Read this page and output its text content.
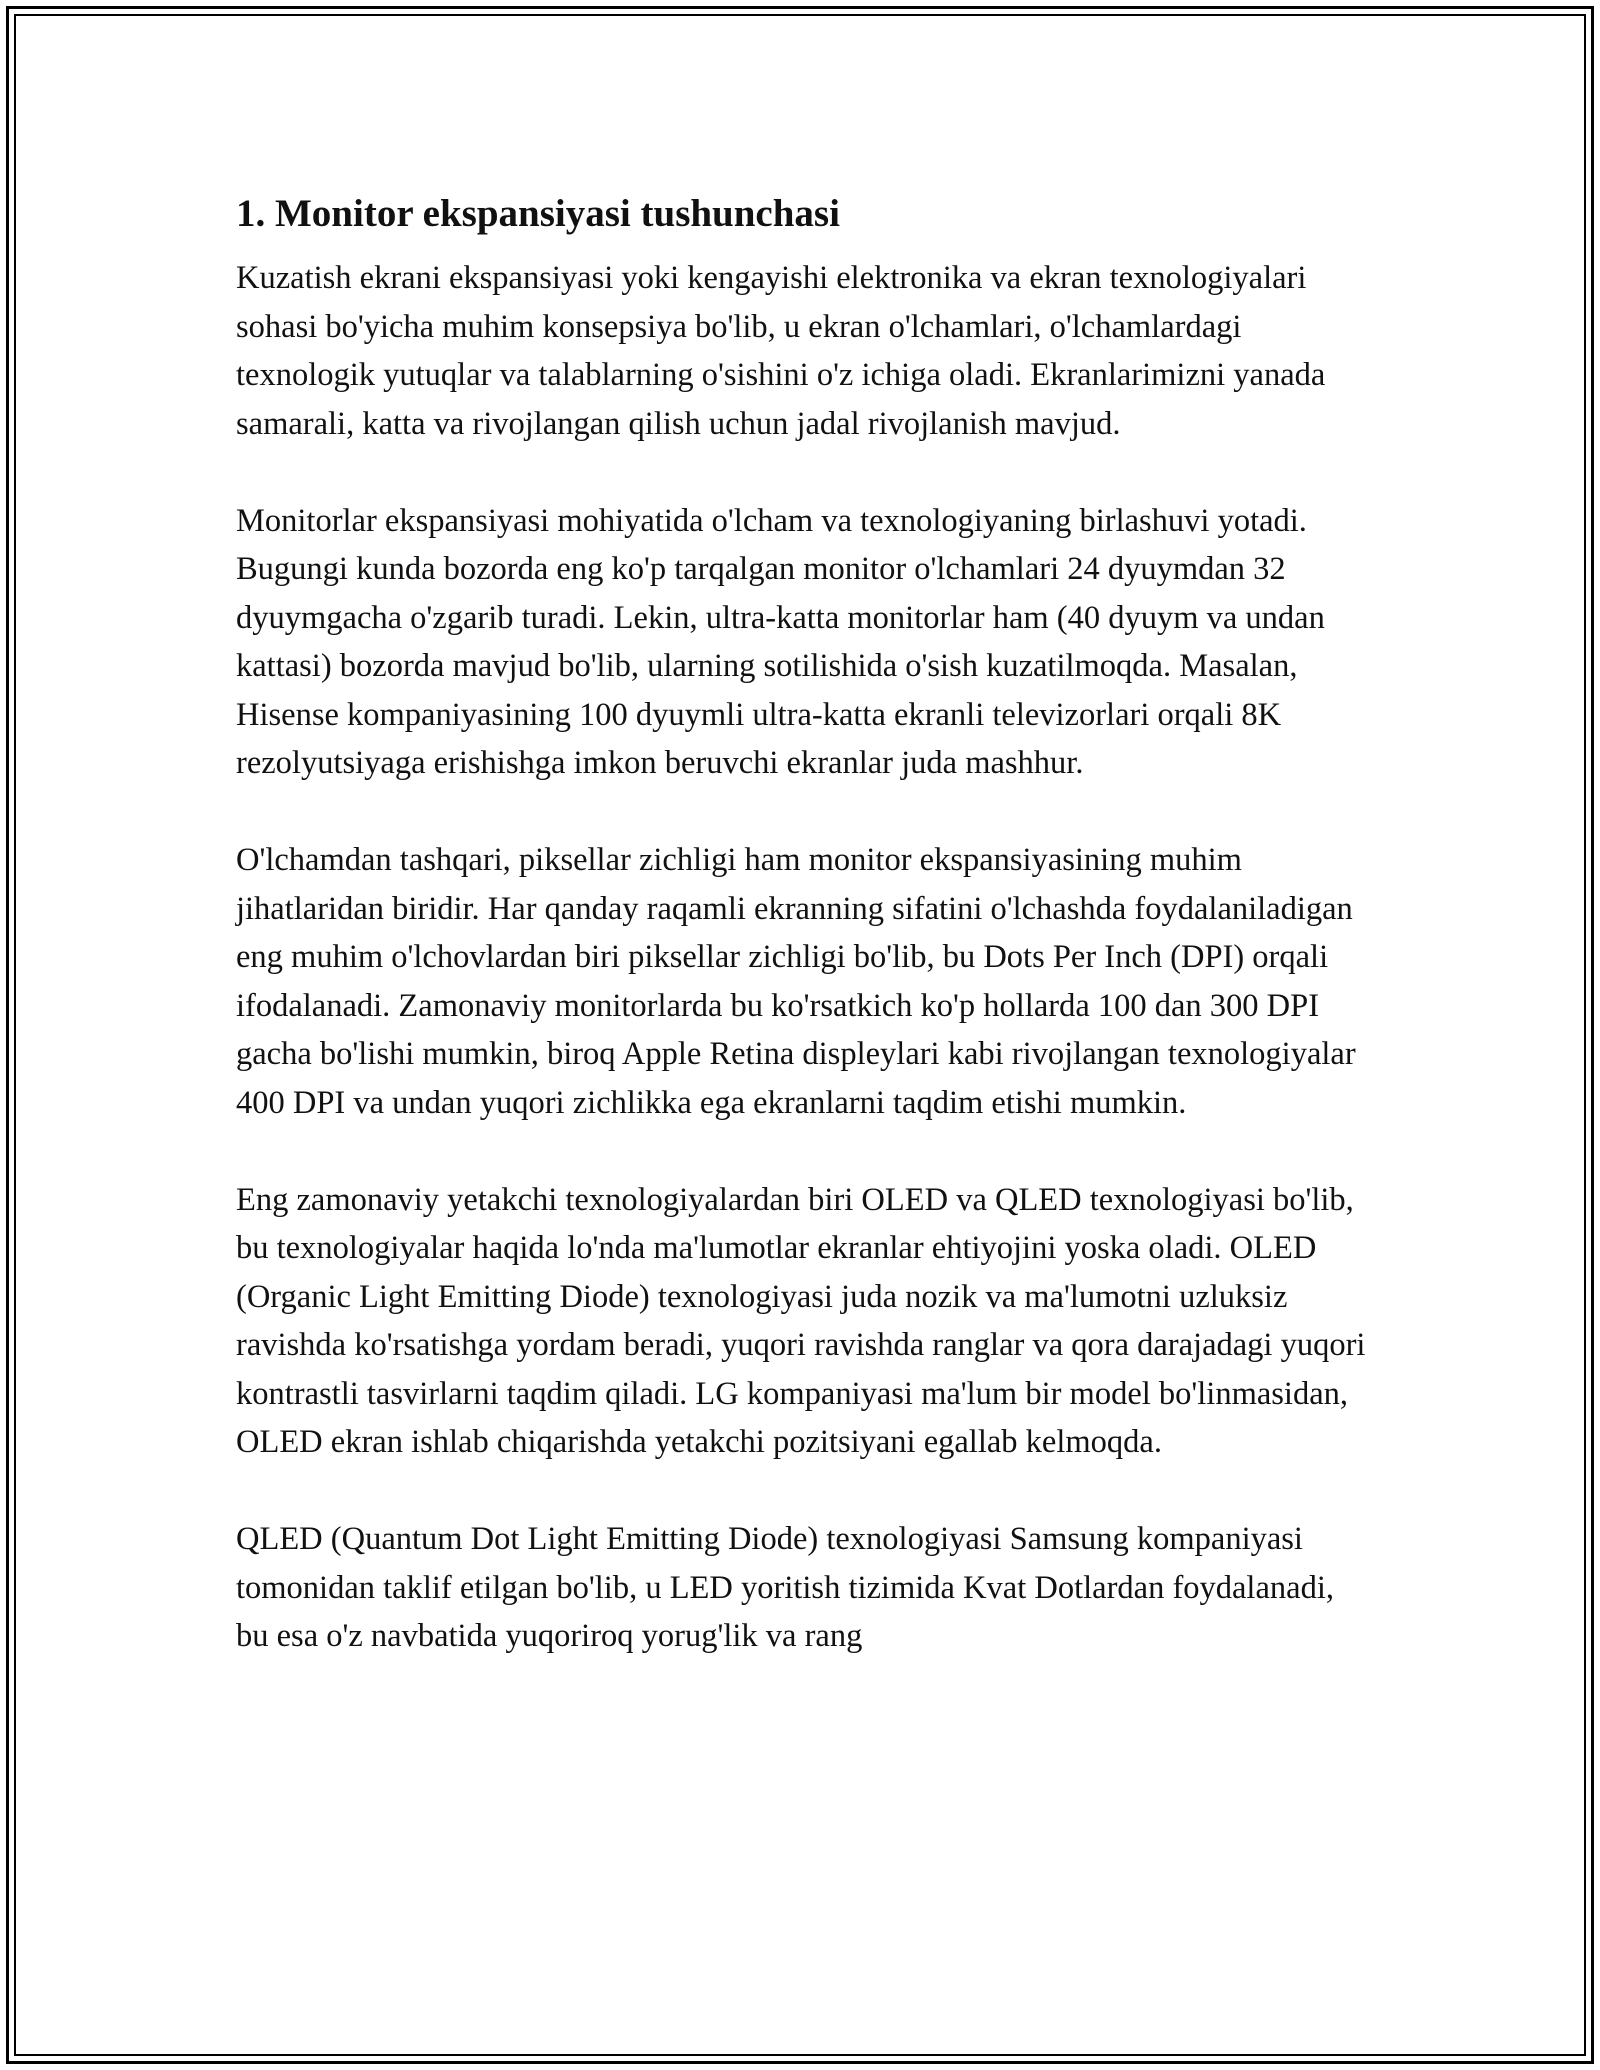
1. Monitor ekspansiyasi tushunchasi

Kuzatish ekrani ekspansiyasi yoki kengayishi elektronika va ekran texnologiyalari sohasi bo'yicha muhim konsepsiya bo'lib, u ekran o'lchamlari, o'lchamlardagi texnologik yutuqlar va talablarning o'sishini o'z ichiga oladi. Ekranlarimizni yanada samarali, katta va rivojlangan qilish uchun jadal rivojlanish mavjud.

Monitorlar ekspansiyasi mohiyatida o'lcham va texnologiyaning birlashuvi yotadi. Bugungi kunda bozorda eng ko'p tarqalgan monitor o'lchamlari 24 dyuymdan 32 dyuymgacha o'zgarib turadi. Lekin, ultra-katta monitorlar ham (40 dyuym va undan kattasi) bozorda mavjud bo'lib, ularning sotilishida o'sish kuzatilmoqda. Masalan, Hisense kompaniyasining 100 dyuymli ultra-katta ekranli televizorlari orqali 8K rezolyutsiyaga erishishga imkon beruvchi ekranlar juda mashhur.

O'lchamdan tashqari, piksellar zichligi ham monitor ekspansiyasining muhim jihatlaridan biridir. Har qanday raqamli ekranning sifatini o'lchashda foydalaniladigan eng muhim o'lchovlardan biri piksellar zichligi bo'lib, bu Dots Per Inch (DPI) orqali ifodalanadi. Zamonaviy monitorlarda bu ko'rsatkich ko'p hollarda 100 dan 300 DPI gacha bo'lishi mumkin, biroq Apple Retina displeylari kabi rivojlangan texnologiyalar 400 DPI va undan yuqori zichlikka ega ekranlarni taqdim etishi mumkin.

Eng zamonaviy yetakchi texnologiyalardan biri OLED va QLED texnologiyasi bo'lib, bu texnologiyalar haqida lo'nda ma'lumotlar ekranlar ehtiyojini yoska oladi. OLED (Organic Light Emitting Diode) texnologiyasi juda nozik va ma'lumotni uzluksiz ravishda ko'rsatishga yordam beradi, yuqori ravishda ranglar va qora darajadagi yuqori kontrastli tasvirlarni taqdim qiladi. LG kompaniyasi ma'lum bir model bo'linmasidan, OLED ekran ishlab chiqarishda yetakchi pozitsiyani egallab kelmoqda.

QLED (Quantum Dot Light Emitting Diode) texnologiyasi Samsung kompaniyasi tomonidan taklif etilgan bo'lib, u LED yoritish tizimida Kvat Dotlardan foydalanadi, bu esa o'z navbatida yuqoriroq yorug'lik va rang
